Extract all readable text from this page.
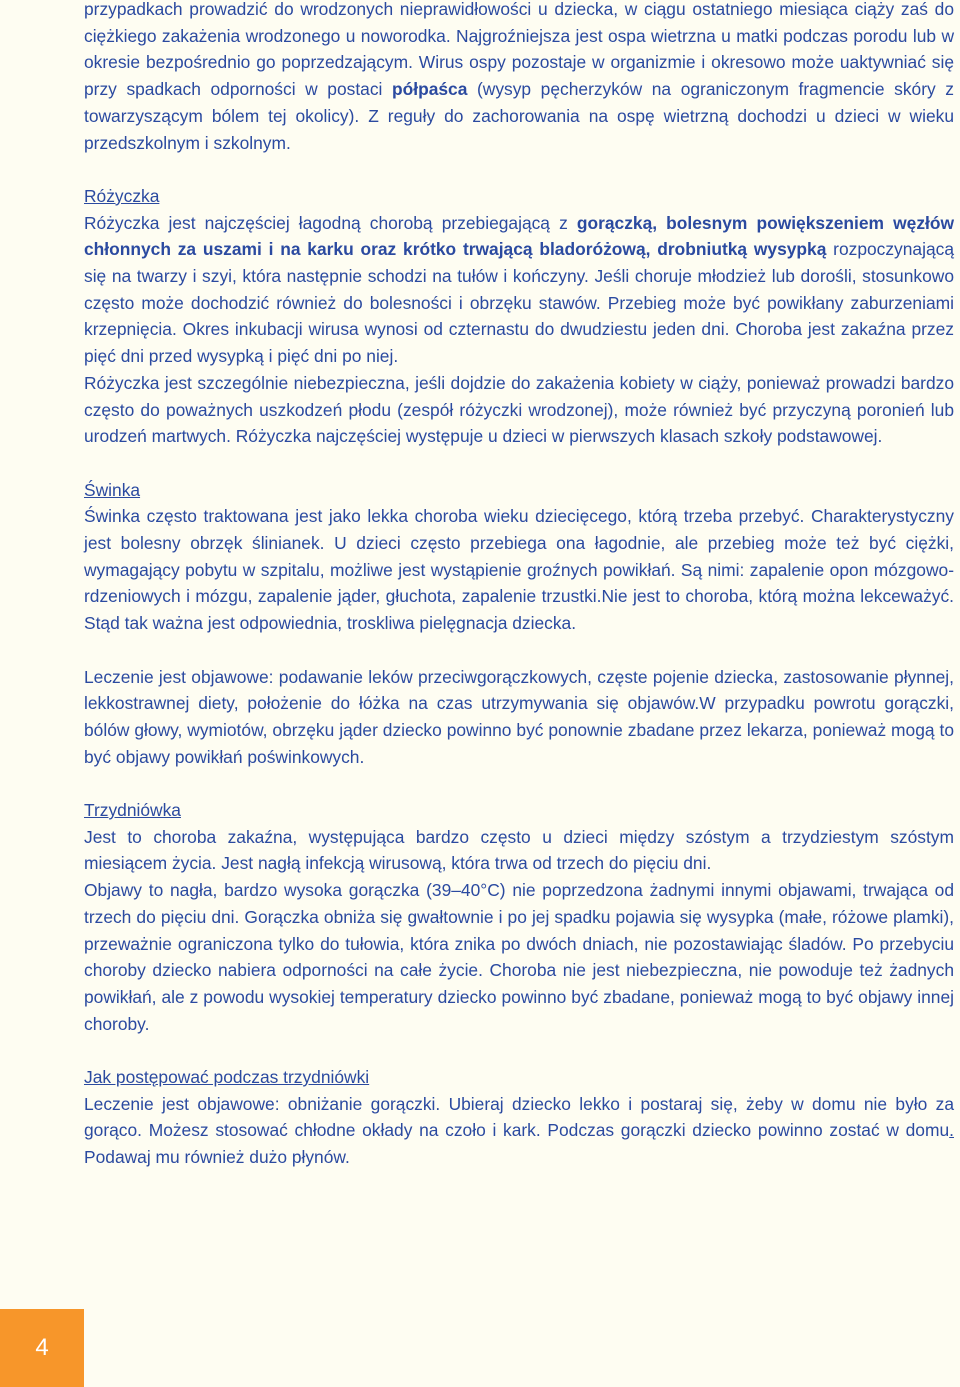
przypadkach prowadzić do wrodzonych nieprawidłowości u dziecka, w ciągu ostatniego miesiąca ciąży zaś do ciężkiego zakażenia wrodzonego u noworodka. Najgroźniejsza jest ospa wietrzna u matki podczas porodu lub w okresie bezpośrednio go poprzedzającym. Wirus ospy pozostaje w organizmie i okresowo może uaktywniać się przy spadkach odporności w postaci półpaśca (wysyp pęcherzyków na ograniczonym fragmencie skóry z towarzyszącym bólem tej okolicy). Z reguły do zachorowania na ospę wietrzną dochodzi u dzieci w wieku przedszkolnym i szkolnym.

Różyczka

Różyczka jest najczęściej łagodną chorobą przebiegającą z gorączką, bolesnym powiększeniem węzłów chłonnych za uszami i na karku oraz krótko trwającą bladoróżową, drobniutką wysypką rozpoczynającą się na twarzy i szyi, która następnie schodzi na tułów i kończyny. Jeśli choruje młodzież lub dorośli, stosunkowo często może dochodzić również do bolesności i obrzęku stawów. Przebieg może być powikłany zaburzeniami krzepnięcia. Okres inkubacji wirusa wynosi od czternastu do dwudziestu jeden dni. Choroba jest zakaźna przez pięć dni przed wysypką i pięć dni po niej.

Różyczka jest szczególnie niebezpieczna, jeśli dojdzie do zakażenia kobiety w ciąży, ponieważ prowadzi bardzo często do poważnych uszkodzeń płodu (zespół różyczki wrodzonej), może również być przyczyną poronień lub urodzeń martwych. Różyczka najczęściej występuje u dzieci w pierwszych klasach szkoły podstawowej.

Świnka

Świnka często traktowana jest jako lekka choroba wieku dziecięcego, którą trzeba przebyć. Charakterystyczny jest bolesny obrzęk ślinianek. U dzieci często przebiega ona łagodnie, ale przebieg może też być ciężki, wymagający pobytu w szpitalu, możliwe jest wystąpienie groźnych powikłań. Są nimi: zapalenie opon mózgowo-rdzeniowych i mózgu, zapalenie jąder, głuchota, zapalenie trzustki.Nie jest to choroba, którą można lekceważyć. Stąd tak ważna jest odpowiednia, troskliwa pielęgnacja dziecka.

Leczenie jest objawowe: podawanie leków przeciwgorączkowych, częste pojenie dziecka, zastosowanie płynnej, lekkostrawnej diety, położenie do łóżka na czas utrzymywania się objawów.W przypadku powrotu gorączki, bólów głowy, wymiotów, obrzęku jąder dziecko powinno być ponownie zbadane przez lekarza, ponieważ mogą to być objawy powikłań poświnkowych.

Trzydniówka

Jest to choroba zakaźna, występująca bardzo często u dzieci między szóstym a trzydziestym szóstym miesiącem życia. Jest nagłą infekcją wirusową, która trwa od trzech do pięciu dni.

Objawy to nagła, bardzo wysoka gorączka (39–40°C) nie poprzedzona żadnymi innymi objawami, trwająca od trzech do pięciu dni. Gorączka obniża się gwałtownie i po jej spadku pojawia się wysypka (małe, różowe plamki), przeważnie ograniczona tylko do tułowia, która znika po dwóch dniach, nie pozostawiając śladów. Po przebyciu choroby dziecko nabiera odporności na całe życie. Choroba nie jest niebezpieczna, nie powoduje też żadnych powikłań, ale z powodu wysokiej temperatury dziecko powinno być zbadane, ponieważ mogą to być objawy innej choroby.

Jak postępować podczas trzydniówki

Leczenie jest objawowe: obniżanie gorączki. Ubieraj dziecko lekko i postaraj się, żeby w domu nie było za gorąco. Możesz stosować chłodne okłady na czoło i kark. Podczas gorączki dziecko powinno zostać w domu. Podawaj mu również dużo płynów.

4
